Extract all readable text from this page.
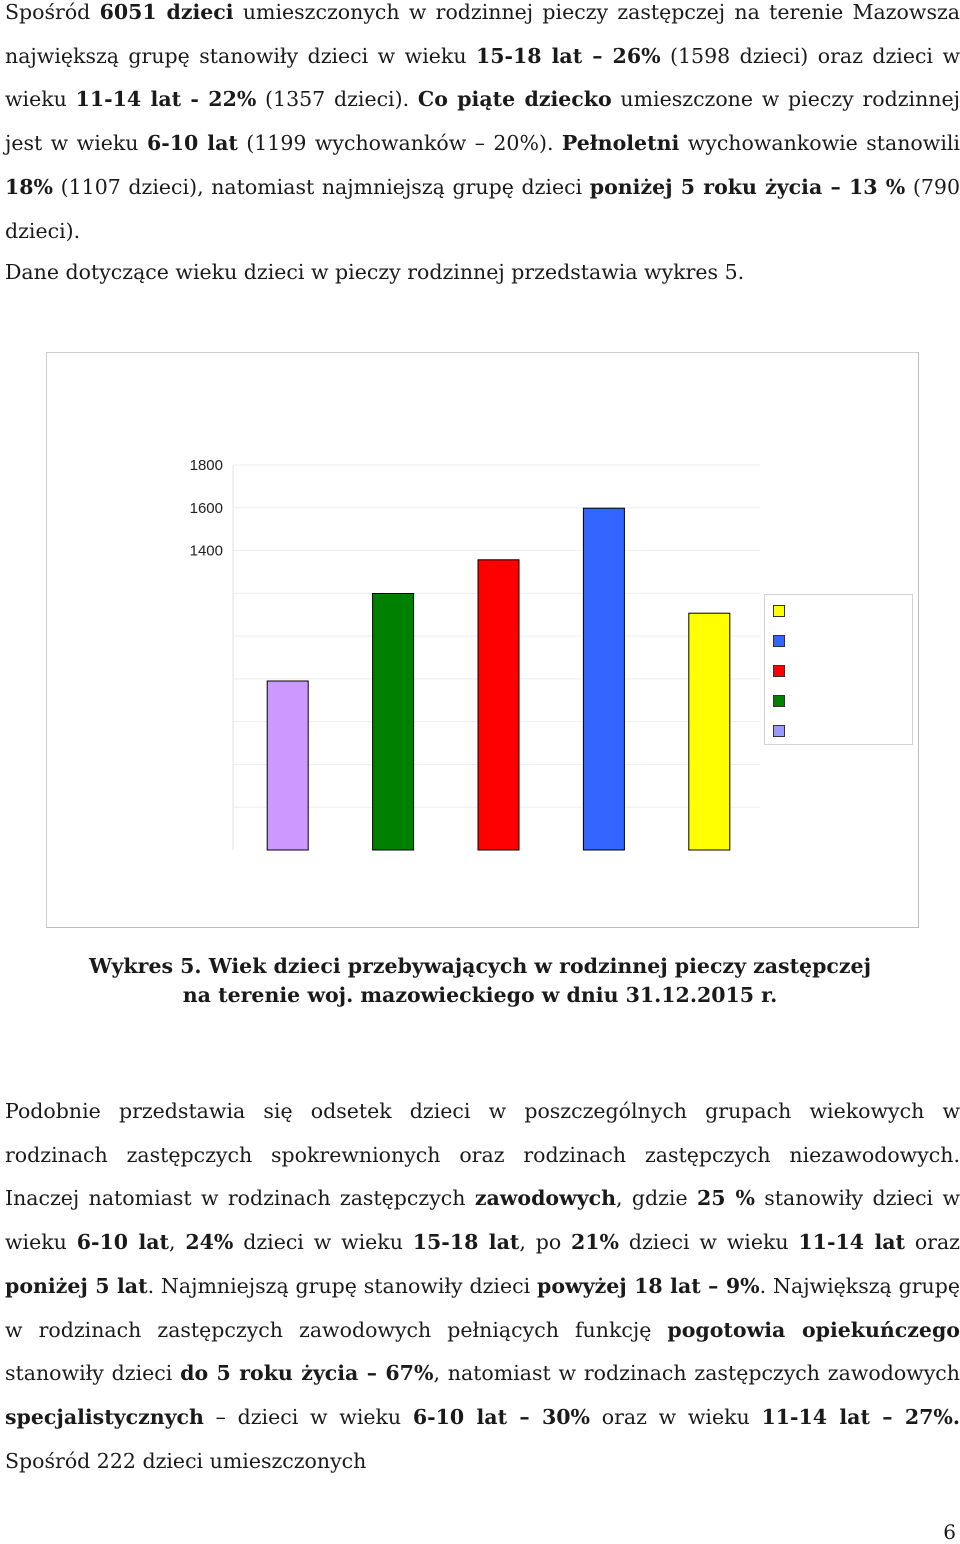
Spośród 6051 dzieci umieszczonych w rodzinnej pieczy zastępczej na terenie Mazowsza największą grupę stanowiły dzieci w wieku 15-18 lat – 26% (1598 dzieci) oraz dzieci w wieku 11-14 lat - 22% (1357 dzieci). Co piąte dziecko umieszczone w pieczy rodzinnej jest w wieku 6-10 lat (1199 wychowanków – 20%). Pełnoletni wychowankowie stanowili 18% (1107 dzieci), natomiast najmniejszą grupę dzieci poniżej 5 roku życia – 13 % (790 dzieci).
Dane dotyczące wieku dzieci w pieczy rodzinnej przedstawia wykres 5.
1400
1600
1800
Wykres 5. Wiek dzieci przebywających w rodzinnej pieczy zastępczej
na terenie woj. mazowieckiego w dniu 31.12.2015 r.
Podobnie przedstawia się odsetek dzieci w poszczególnych grupach wiekowych w rodzinach zastępczych spokrewnionych oraz rodzinach zastępczych niezawodowych. Inaczej natomiast w rodzinach zastępczych zawodowych, gdzie 25 % stanowiły dzieci w wieku 6-10 lat, 24% dzieci w wieku 15-18 lat, po 21% dzieci w wieku 11-14 lat oraz poniżej 5 lat. Najmniejszą grupę stanowiły dzieci powyżej 18 lat – 9%. Największą grupę w rodzinach zastępczych zawodowych pełniących funkcję pogotowia opiekuńczego stanowiły dzieci do 5 roku życia – 67%, natomiast w rodzinach zastępczych zawodowych specjalistycznych – dzieci w wieku 6-10 lat – 30% oraz w wieku 11-14 lat – 27%. Spośród 222 dzieci umieszczonych
6
